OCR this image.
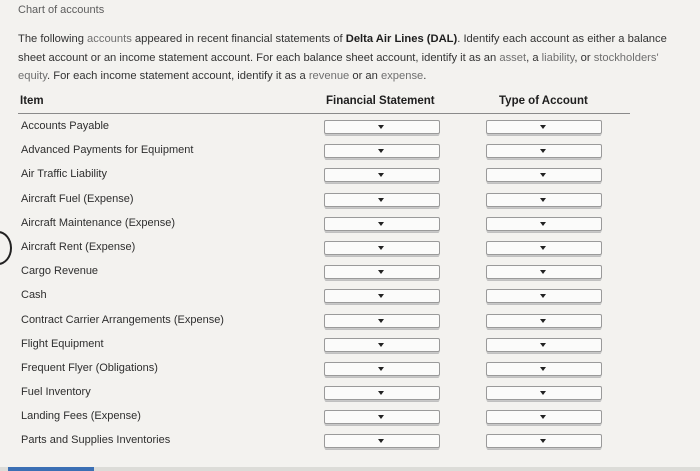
Chart of accounts
The following accounts appeared in recent financial statements of Delta Air Lines (DAL). Identify each account as either a balance sheet account or an income statement account. For each balance sheet account, identify it as an asset, a liability, or stockholders' equity. For each income statement account, identify it as a revenue or an expense.
Item	Financial Statement	Type of Account
Accounts Payable
Advanced Payments for Equipment
Air Traffic Liability
Aircraft Fuel (Expense)
Aircraft Maintenance (Expense)
Aircraft Rent (Expense)
Cargo Revenue
Cash
Contract Carrier Arrangements (Expense)
Flight Equipment
Frequent Flyer (Obligations)
Fuel Inventory
Landing Fees (Expense)
Parts and Supplies Inventories
